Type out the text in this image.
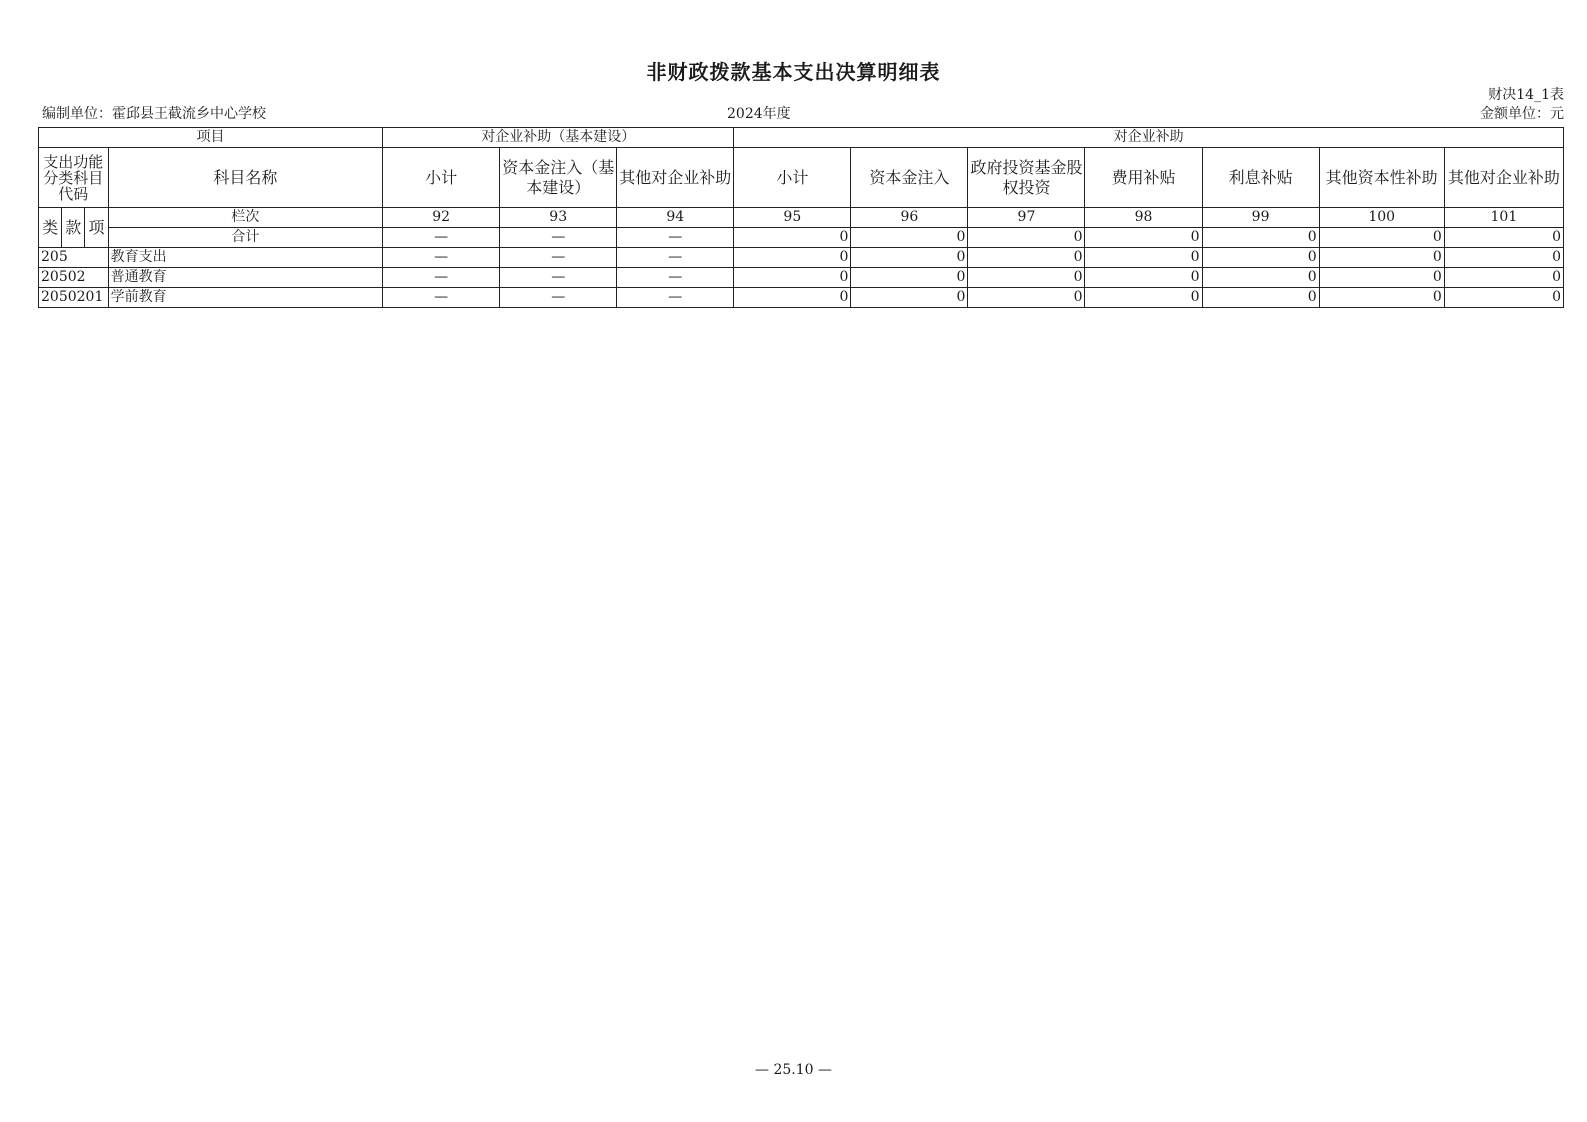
非财政拨款基本支出决算明细表
财决14_1表
编制单位：霍邱县王截流乡中心学校	2024年度	金额单位：元
项目				对企业补助（基本建设）			对企业补助						
支出功能分类科目代码			科目名称	小计	资本金注入（基本建设）	其他对企业补助	小计	资本金注入	政府投资基金股权投资	费用补贴	利息补贴	其他资本性补助	其他对企业补助
类	款	项	栏次	92	93	94	95	96	97	98	99	100	101
			合计	—	—	—	0	0	0	0	0	0	0
205			教育支出	—	—	—	0	0	0	0	0	0	0
20502			普通教育	—	—	—	0	0	0	0	0	0	0
2050201			学前教育	—	—	—	0	0	0	0	0	0	0
— 25.10 —
